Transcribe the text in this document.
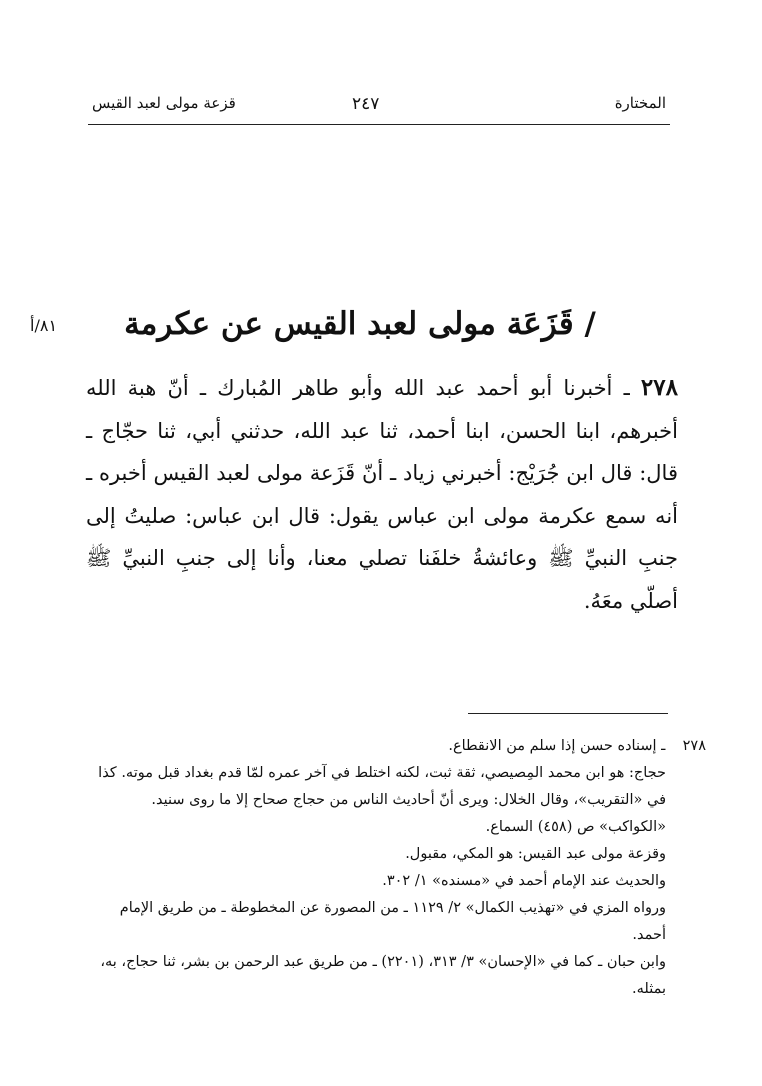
المختارة
٢٤٧
قزعة مولى لعبد القيس
/ قَزَعَة مولى لعبد القيس عن عكرمة
٨١/أ
٢٧٨ ـ أخبرنا أبو أحمد عبد الله وأبو طاهر المُبارك ـ أنّ هبة الله أخبرهم، ابنا الحسن، ابنا أحمد، ثنا عبد الله، حدثني أبي، ثنا حجّاج ـ قال: قال ابن جُرَيْج: أخبرني زياد ـ أنّ قَزَعة مولى لعبد القيس أخبره ـ أنه سمع عكرمة مولى ابن عباس يقول: قال ابن عباس: صليتُ إلى جنبِ النبيِّ ﷺ وعائشةُ خلفَنا تصلي معنا، وأنا إلى جنبِ النبيِّ ﷺ أصلّي معَهُ.
٢٧٨ ـ إسناده حسن إذا سلم من الانقطاع.
حجاج: هو ابن محمد المِصيصي، ثقة ثبت، لكنه اختلط في آخر عمره لمّا قدم بغداد قبل موته. كذا في «التقريب»، وقال الخلال: ويرى أنّ أحاديث الناس من حجاج صحاح إلا ما روى سنيد. «الكواكب» ص (٤٥٨) السماع.
وقزعة مولى عبد القيس: هو المكي، مقبول.
والحديث عند الإمام أحمد في «مسنده» ١/ ٣٠٢.
ورواه المزي في «تهذيب الكمال» ٢/ ١١٢٩ ـ من المصورة عن المخطوطة ـ من طريق الإمام أحمد.
وابن حبان ـ كما في «الإحسان» ٣/ ٣١٣، (٢٢٠١) ـ من طريق عبد الرحمن بن بشر، ثنا حجاج، به، بمثله.
